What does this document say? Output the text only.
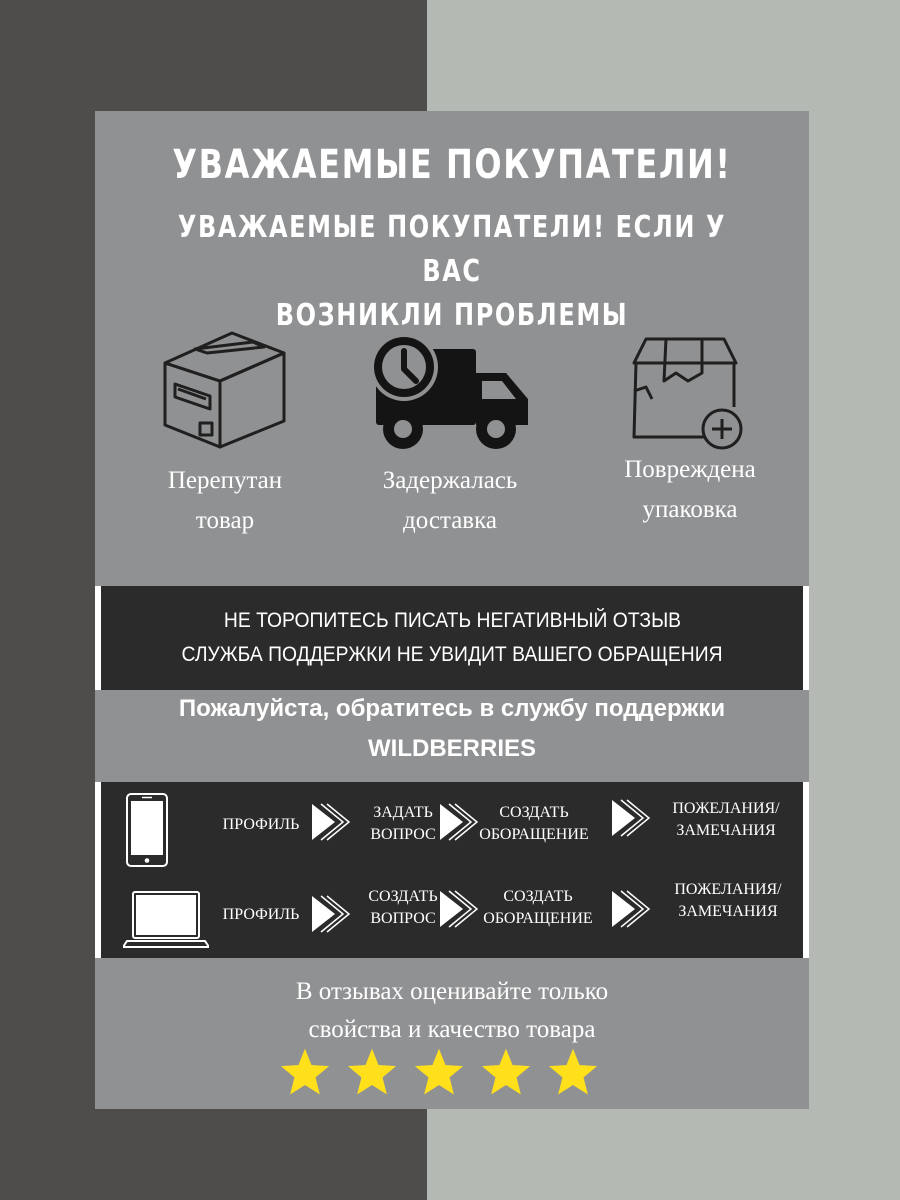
УВАЖАЕМЫЕ ПОКУПАТЕЛИ!
УВАЖАЕМЫЕ ПОКУПАТЕЛИ! ЕСЛИ У ВАС
ВОЗНИКЛИ ПРОБЛЕМЫ
Перепутан
товар
Задержалась
доставка
Повреждена
упаковка
НЕ ТОРОПИТЕСЬ ПИСАТЬ НЕГАТИВНЫЙ ОТЗЫВ
СЛУЖБА ПОДДЕРЖКИ НЕ УВИДИТ ВАШЕГО ОБРАЩЕНИЯ
Пожалуйста, обратитесь в службу поддержки
WILDBERRIES
ПРОФИЛЬ
ЗАДАТЬ
ВОПРОС
СОЗДАТЬ
ОБОРАЩЕНИЕ
ПОЖЕЛАНИЯ/
ЗАМЕЧАНИЯ
ПРОФИЛЬ
СОЗДАТЬ
ВОПРОС
СОЗДАТЬ
ОБОРАЩЕНИЕ
ПОЖЕЛАНИЯ/
ЗАМЕЧАНИЯ
В отзывах оценивайте только
свойства и качество товара
